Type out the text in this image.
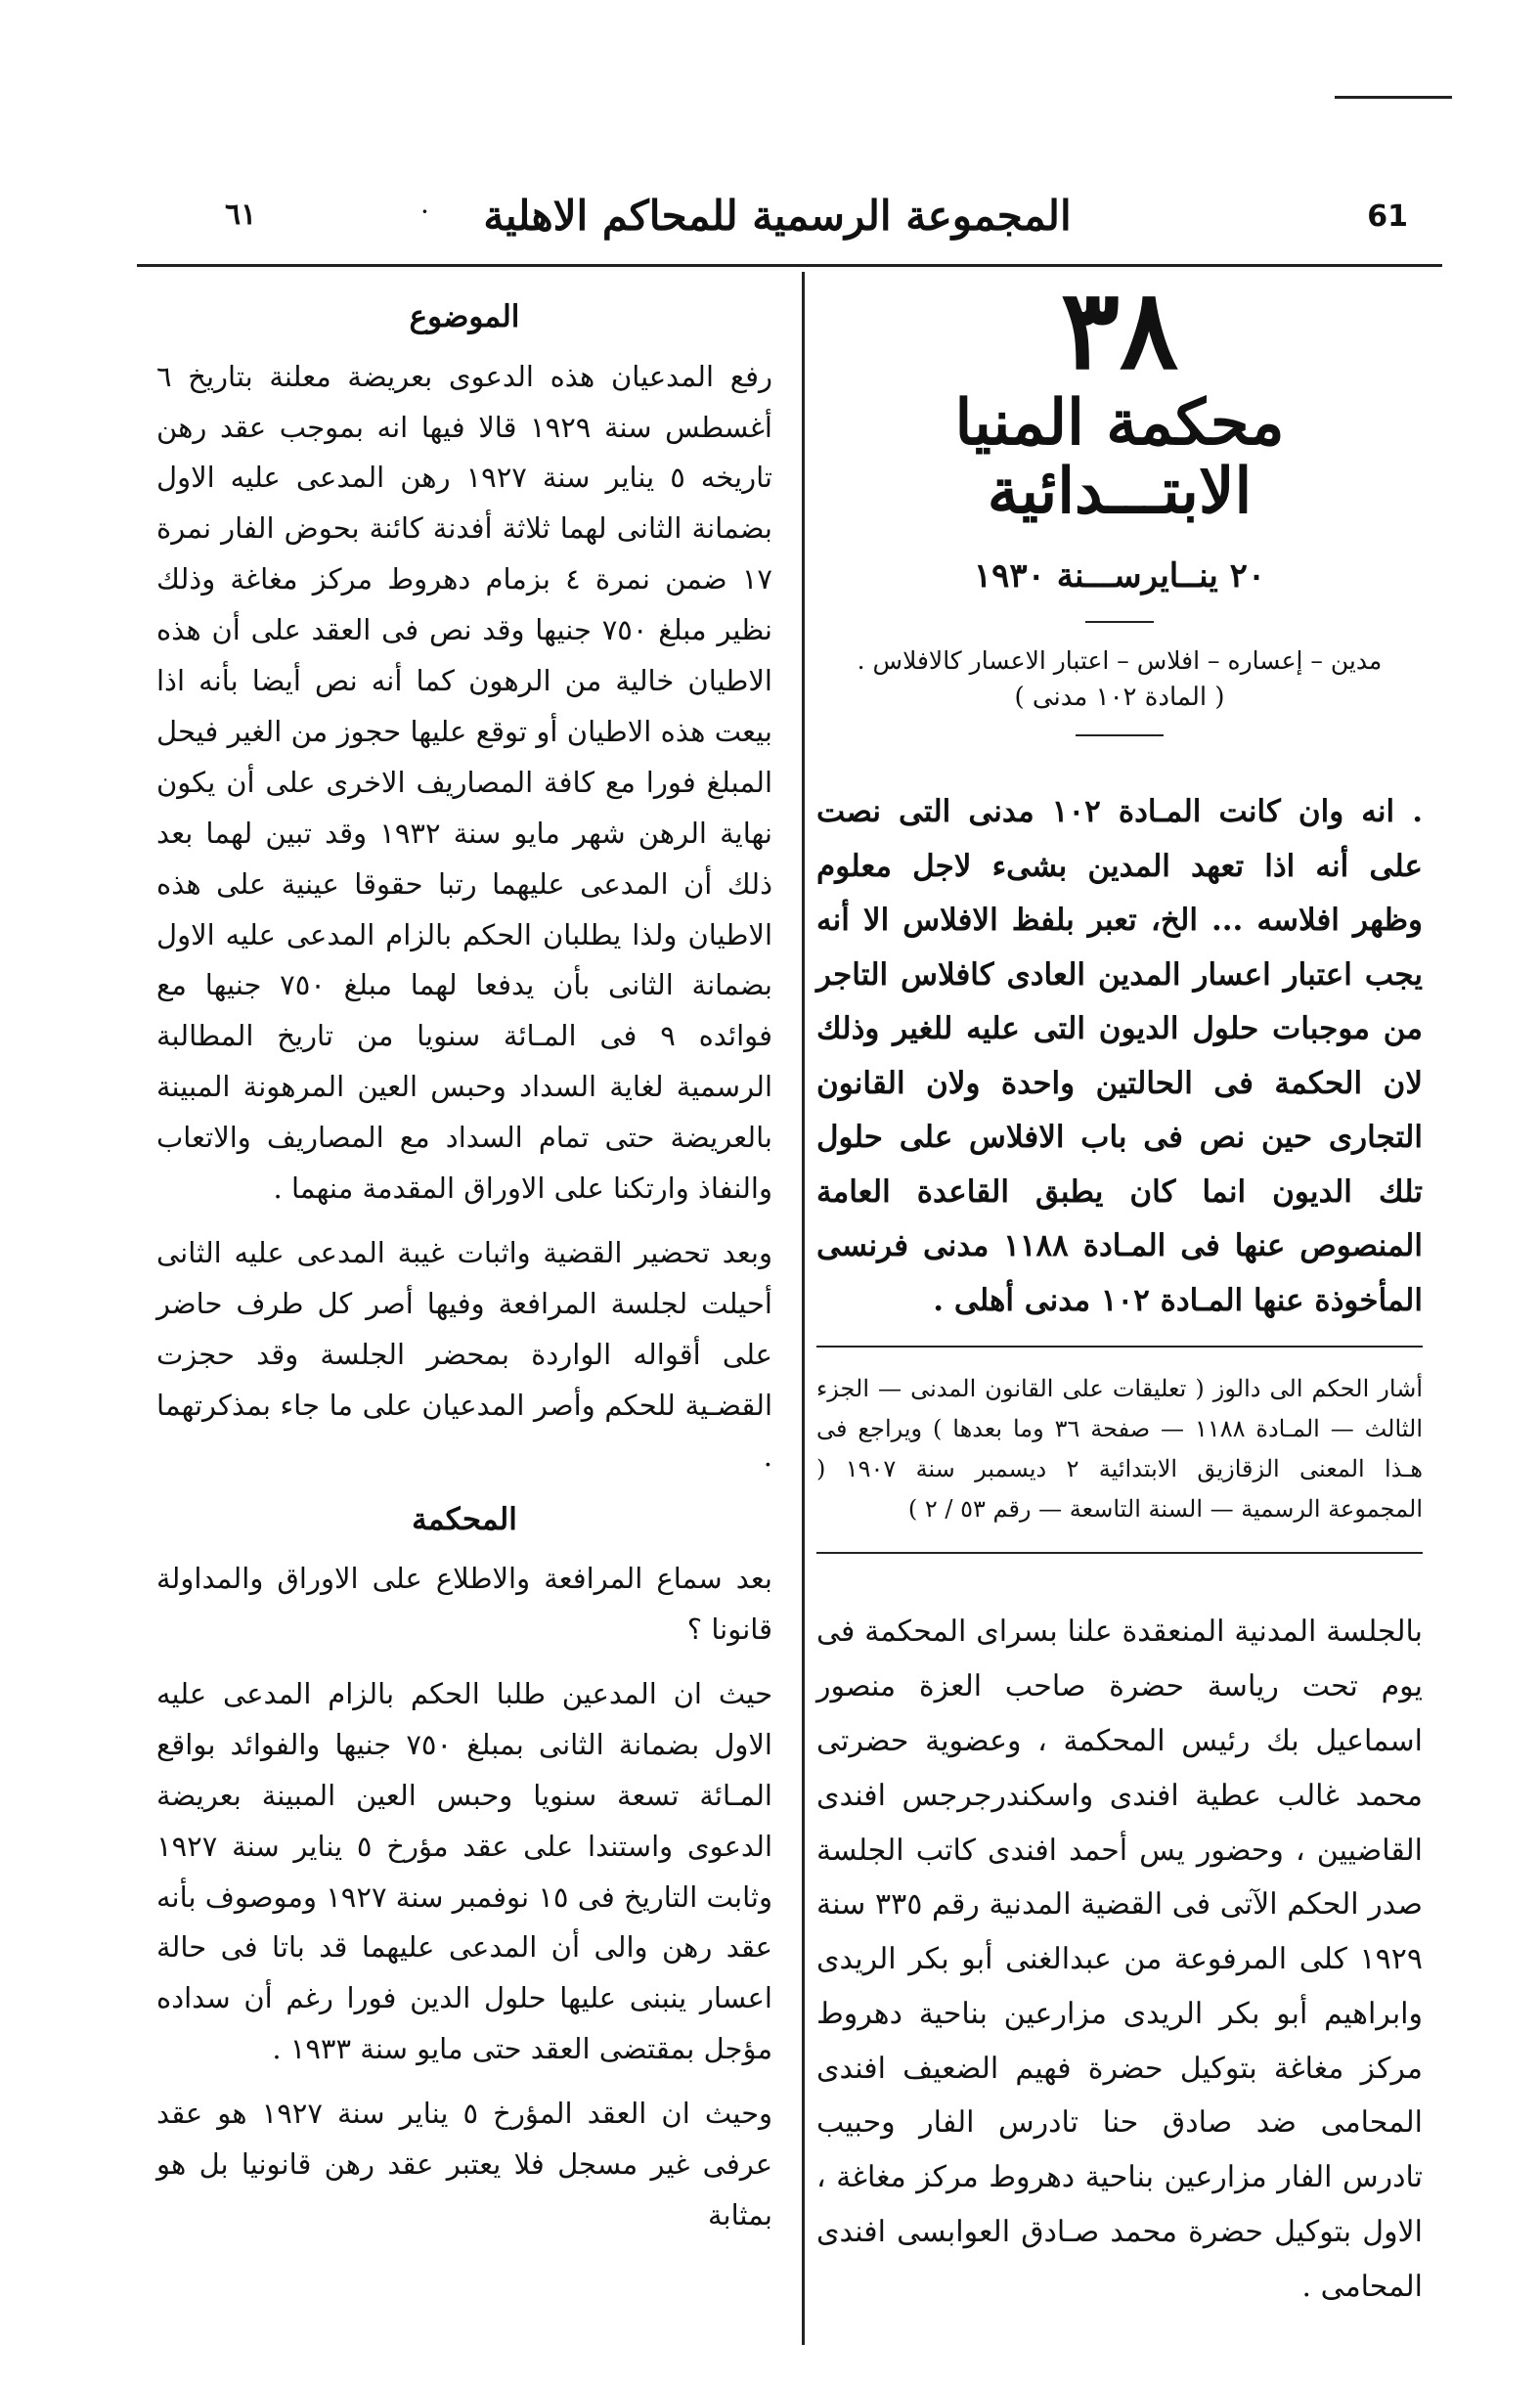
٦١	·	المجموعة الرسمية للمحاكم الاهلية	61
٣٨
محكمة المنيا الابتـــدائية
٢٠ ينــايرســـنة ١٩٣٠
مدين – إعساره – افلاس – اعتبار الاعسار كالافلاس .
( المادة ١٠٢ مدنى )
. انه وان كانت المـادة ١٠٢ مدنى التى نصت على أنه اذا تعهد المدين بشىء لاجل معلوم وظهر افلاسه ... الخ، تعبر بلفظ الافلاس الا أنه يجب اعتبار اعسار المدين العادى كافلاس التاجر من موجبات حلول الديون التى عليه للغير وذلك لان الحكمة فى الحالتين واحدة ولان القانون التجارى حين نص فى باب الافلاس على حلول تلك الديون انما كان يطبق القاعدة العامة المنصوص عنها فى المـادة ١١٨٨ مدنى فرنسى المأخوذة عنها المـادة ١٠٢ مدنى أهلى .
أشار الحكم الى دالوز ( تعليقات على القانون المدنى — الجزء الثالث — المـادة ١١٨٨ — صفحة ٣٦ وما بعدها ) ويراجع فى هـذا المعنى الزقازيق الابتدائية ٢ ديسمبر سنة ١٩٠٧ ( المجموعة الرسمية — السنة التاسعة — رقم ٥٣ / ٢ )
بالجلسة المدنية المنعقدة علنا بسراى المحكمة فى يوم تحت رياسة حضرة صاحب العزة منصور اسماعيل بك رئيس المحكمة ، وعضوية حضرتى محمد غالب عطية افندى واسكندرجرجس افندى القاضيين ، وحضور يس أحمد افندى كاتب الجلسة صدر الحكم الآتى فى القضية المدنية رقم ٣٣٥ سنة ١٩٢٩ كلى المرفوعة من عبدالغنى أبو بكر الريدى وابراهيم أبو بكر الريدى مزارعين بناحية دهروط مركز مغاغة بتوكيل حضرة فهيم الضعيف افندى المحامى ضد صادق حنا تادرس الفار وحبيب تادرس الفار مزارعين بناحية دهروط مركز مغاغة ، الاول بتوكيل حضرة محمد صـادق العوابسى افندى المحامى .
الموضوع

رفع المدعيان هذه الدعوى بعريضة معلنة بتاريخ ٦ أغسطس سنة ١٩٢٩ قالا فيها انه بموجب عقد رهن تاريخه ٥ يناير سنة ١٩٢٧ رهن المدعى عليه الاول بضمانة الثانى لهما ثلاثة أفدنة كائنة بحوض الفار نمرة ١٧ ضمن نمرة ٤ بزمام دهروط مركز مغاغة وذلك نظير مبلغ ٧٥٠ جنيها وقد نص فى العقد على أن هذه الاطيان خالية من الرهون كما أنه نص أيضا بأنه اذا بيعت هذه الاطيان أو توقع عليها حجوز من الغير فيحل المبلغ فورا مع كافة المصاريف الاخرى على أن يكون نهاية الرهن شهر مايو سنة ١٩٣٢ وقد تبين لهما بعد ذلك أن المدعى عليهما رتبا حقوقا عينية على هذه الاطيان ولذا يطلبان الحكم بالزام المدعى عليه الاول بضمانة الثانى بأن يدفعا لهما مبلغ ٧٥٠ جنيها مع فوائده ٩ فى المـائة سنويا من تاريخ المطالبة الرسمية لغاية السداد وحبس العين المرهونة المبينة بالعريضة حتى تمام السداد مع المصاريف والاتعاب والنفاذ وارتكنا على الاوراق المقدمة منهما .

وبعد تحضير القضية واثبات غيبة المدعى عليه الثانى أحيلت لجلسة المرافعة وفيها أصر كل طرف حاضر على أقواله الواردة بمحضر الجلسة وقد حجزت القضـية للحكم وأصر المدعيان على ما جاء بمذكرتهما .

المحكمة

بعد سماع المرافعة والاطلاع على الاوراق والمداولة قانونا ؟

حيث ان المدعين طلبا الحكم بالزام المدعى عليه الاول بضمانة الثانى بمبلغ ٧٥٠ جنيها والفوائد بواقع المـائة تسعة سنويا وحبس العين المبينة بعريضة الدعوى واستندا على عقد مؤرخ ٥ يناير سنة ١٩٢٧ وثابت التاريخ فى ١٥ نوفمبر سنة ١٩٢٧ وموصوف بأنه عقد رهن والى أن المدعى عليهما قد باتا فى حالة اعسار ينبنى عليها حلول الدين فورا رغم أن سداده مؤجل بمقتضى العقد حتى مايو سنة ١٩٣٣ .

وحيث ان العقد المؤرخ ٥ يناير سنة ١٩٢٧ هو عقد عرفى غير مسجل فلا يعتبر عقد رهن قانونيا بل هو بمثابة
